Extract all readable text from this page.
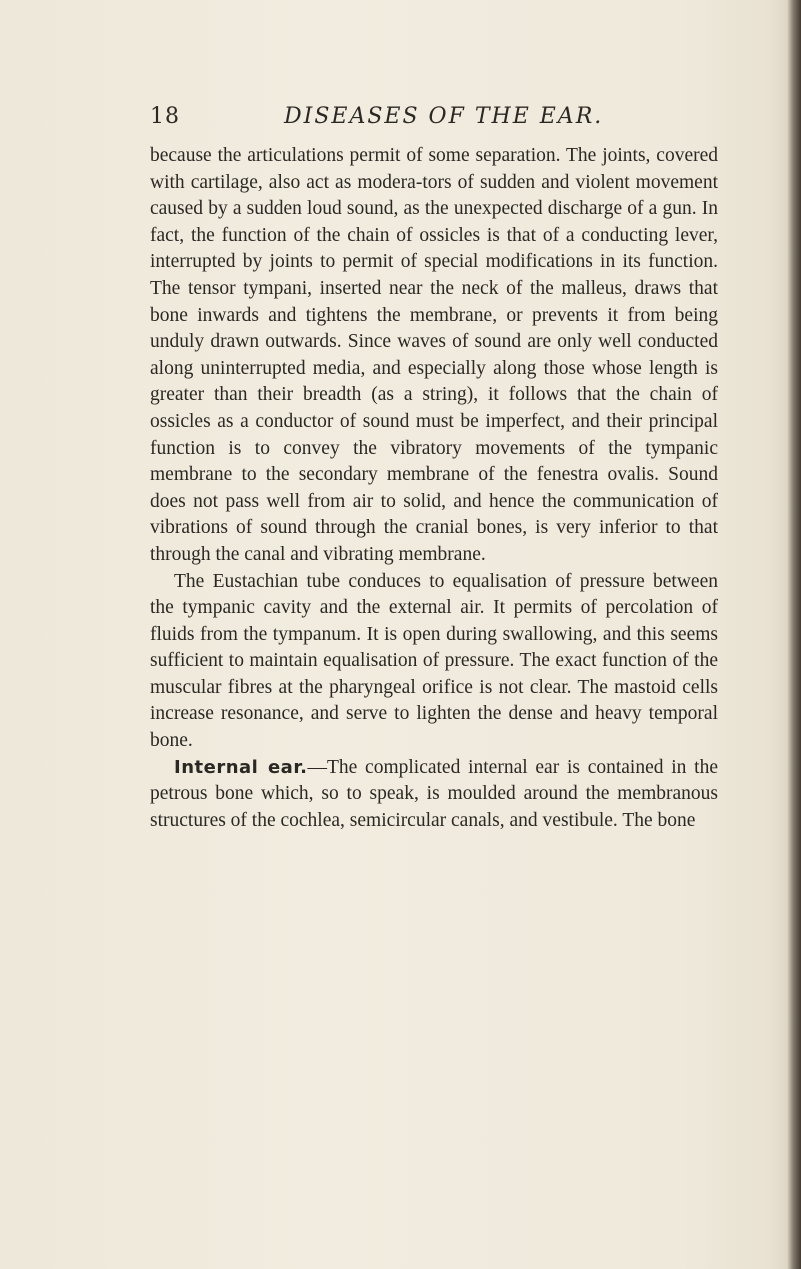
18	DISEASES OF THE EAR.

because the articulations permit of some separation. The joints, covered with cartilage, also act as modera-tors of sudden and violent movement caused by a sudden loud sound, as the unexpected discharge of a gun. In fact, the function of the chain of ossicles is that of a conducting lever, interrupted by joints to permit of special modifications in its function. The tensor tympani, inserted near the neck of the malleus, draws that bone inwards and tightens the membrane, or prevents it from being unduly drawn outwards. Since waves of sound are only well conducted along uninterrupted media, and especially along those whose length is greater than their breadth (as a string), it follows that the chain of ossicles as a conductor of sound must be imperfect, and their principal function is to convey the vibratory movements of the tympanic membrane to the secondary membrane of the fenestra ovalis. Sound does not pass well from air to solid, and hence the communication of vibrations of sound through the cranial bones, is very inferior to that through the canal and vibrating membrane.

The Eustachian tube conduces to equalisation of pressure between the tympanic cavity and the external air. It permits of percolation of fluids from the tympanum. It is open during swallowing, and this seems sufficient to maintain equalisation of pressure. The exact function of the muscular fibres at the pharyngeal orifice is not clear. The mastoid cells increase resonance, and serve to lighten the dense and heavy temporal bone.

Internal ear.—The complicated internal ear is contained in the petrous bone which, so to speak, is moulded around the membranous structures of the cochlea, semicircular canals, and vestibule. The bone
